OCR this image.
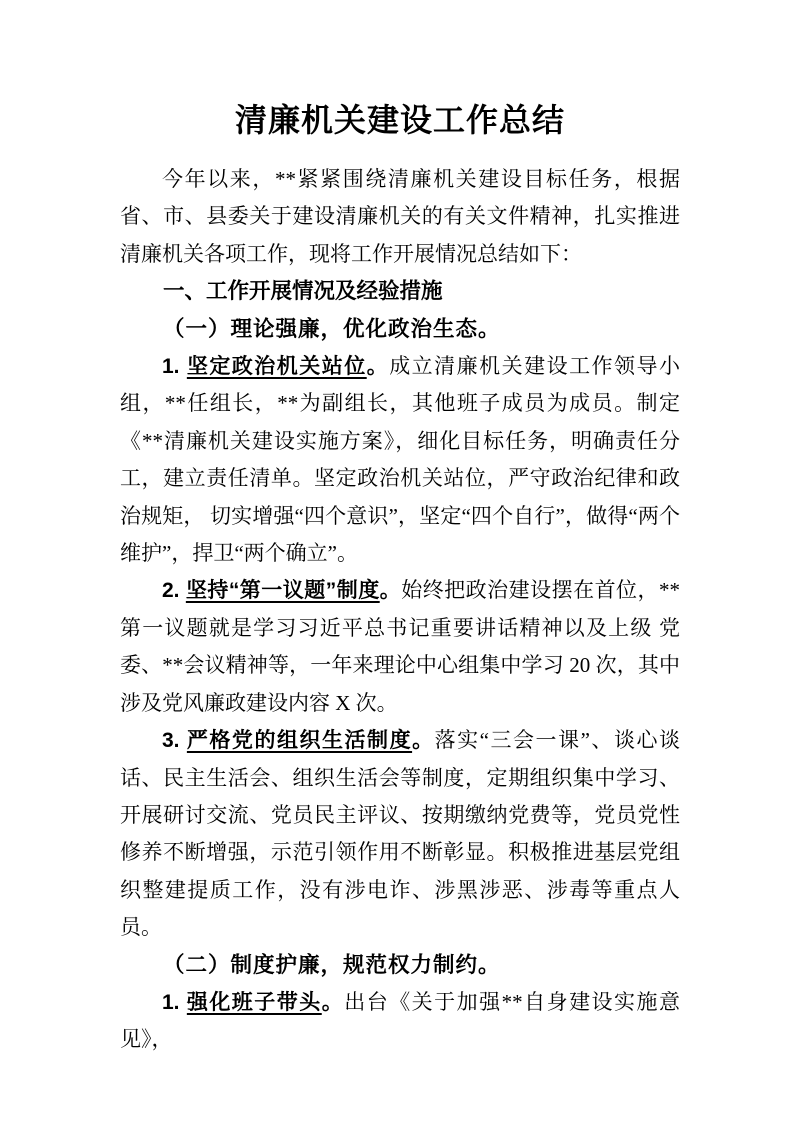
清廉机关建设工作总结

今年以来，**紧紧围绕清廉机关建设目标任务，根据省、市、县委关于建设清廉机关的有关文件精神，扎实推进清廉机关各项工作，现将工作开展情况总结如下：

一、工作开展情况及经验措施

（一）理论强廉，优化政治生态。

1. 坚定政治机关站位。成立清廉机关建设工作领导小组，**任组长，**为副组长，其他班子成员为成员。制定《**清廉机关建设实施方案》，细化目标任务，明确责任分工，建立责任清单。坚定政治机关站位，严守政治纪律和政治规矩， 切实增强“四个意识”，坚定“四个自行”，做得“两个维护”，捍卫“两个确立”。

2. 坚持“第一议题”制度。始终把政治建设摆在首位，**第一议题就是学习习近平总书记重要讲话精神以及上级 党委、**会议精神等，一年来理论中心组集中学习 20 次，其中涉及党风廉政建设内容 X 次。

3. 严格党的组织生活制度。落实“三会一课”、谈心谈话、民主生活会、组织生活会等制度，定期组织集中学习、 开展研讨交流、党员民主评议、按期缴纳党费等，党员党性修养不断增强，示范引领作用不断彰显。积极推进基层党组织整建提质工作，没有涉电诈、涉黑涉恶、涉毒等重点人员。

（二）制度护廉，规范权力制约。

1. 强化班子带头。出台《关于加强**自身建设实施意见》，
